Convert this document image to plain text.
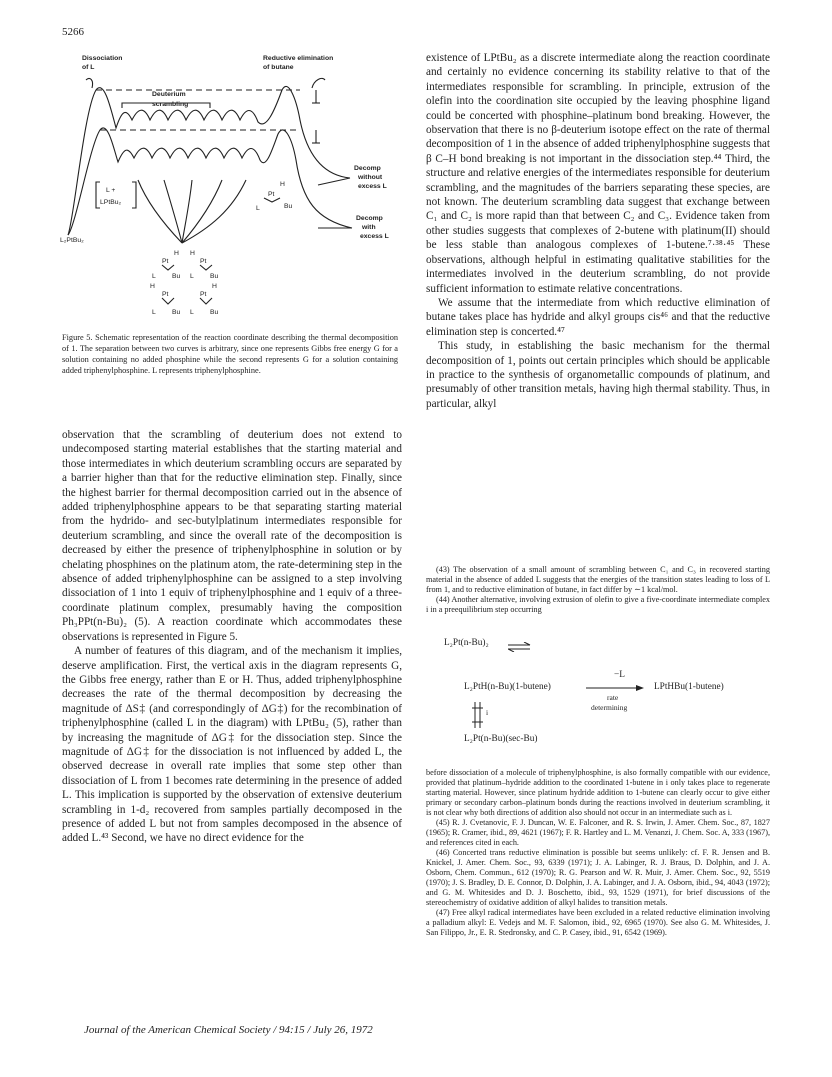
5266
Dissociation
of L
Reductive elimination
of butane
Deuterium
scrambling
Decomp
without
excess L
Decomp
with
excess L
L₂PtBu₂
L +
LPtBu₂
Pt
H
L Bu
Pt
H
L Bu
Pt
H
L Bu
Pt
H
L Bu
Pt
H
L	Bu
Figure 5. Schematic representation of the reaction coordinate describing the thermal decomposition of 1. The separation between two curves is arbitrary, since one represents Gibbs free energy G for a solution containing no added phosphine while the second represents G for a solution containing added triphenylphosphine. L represents triphenylphosphine.

observation that the scrambling of deuterium does not extend to undecomposed starting material establishes that the starting material and those intermediates in which deuterium scrambling occurs are separated by a barrier higher than that for the reductive elimination step. Finally, since the highest barrier for thermal decomposition carried out in the absence of added triphenylphosphine appears to be that separating starting material from the hydrido- and sec-butylplatinum intermediates responsible for deuterium scrambling, and since the overall rate of the decomposition is decreased by either the presence of triphenylphosphine in solution or by chelating phosphines on the platinum atom, the rate-determining step in the absence of added triphenylphosphine can be assigned to a step involving dissociation of 1 into 1 equiv of triphenylphosphine and 1 equiv of a three-coordinate platinum complex, presumably having the composition Ph₃PPt(n-Bu)₂ (5). A reaction coordinate which accommodates these observations is represented in Figure 5.

A number of features of this diagram, and of the mechanism it implies, deserve amplification. First, the vertical axis in the diagram represents G, the Gibbs free energy, rather than E or H. Thus, added triphenylphosphine decreases the rate of the thermal decomposition by decreasing the magnitude of ΔS‡ (and correspondingly of ΔG‡) for the recombination of triphenylphosphine (called L in the diagram) with LPtBu₂ (5), rather than by increasing the magnitude of ΔG‡ for the dissociation step. Since the magnitude of ΔG‡ for the dissociation is not influenced by added L, the observed decrease in overall rate implies that some step other than dissociation of L from 1 becomes rate determining in the presence of added L. This implication is supported by the observation of extensive deuterium scrambling in 1-d₂ recovered from samples partially decomposed in the presence of added L but not from samples decomposed in the absence of added L.⁴³ Second, we have no direct evidence for the

existence of LPtBu₂ as a discrete intermediate along the reaction coordinate and certainly no evidence concerning its stability relative to that of the intermediates responsible for scrambling. In principle, extrusion of the olefin into the coordination site occupied by the leaving phosphine ligand could be concerted with phosphine–platinum bond breaking. However, the observation that there is no β-deuterium isotope effect on the rate of thermal decomposition of 1 in the absence of added triphenylphosphine suggests that β C–H bond breaking is not important in the dissociation step.⁴⁴ Third, the structure and relative energies of the intermediates responsible for deuterium scrambling, and the magnitudes of the barriers separating these species, are not known. The deuterium scrambling data suggest that exchange between C₁ and C₂ is more rapid than that between C₂ and C₃. Evidence taken from other studies suggests that complexes of 2-butene with platinum(II) should be less stable than analogous complexes of 1-butene.⁷·³⁸·⁴⁵ These observations, although helpful in estimating qualitative stabilities for the intermediates involved in the deuterium scrambling, do not provide sufficient information to estimate relative concentrations.

We assume that the intermediate from which reductive elimination of butane takes place has hydride and alkyl groups cis⁴⁶ and that the reductive elimination step is concerted.⁴⁷

This study, in establishing the basic mechanism for the thermal decomposition of 1, points out certain principles which should be applicable in practice to the synthesis of organometallic compounds of platinum, and presumably of other transition metals, having high thermal stability. Thus, in particular, alkyl

(43) The observation of a small amount of scrambling between C₁ and C₃ in recovered starting material in the absence of added L suggests that the energies of the transition states leading to loss of L from 1, and to reductive elimination of butane, in fact differ by ∼1 kcal/mol.

(44) Another alternative, involving extrusion of olefin to give a five-coordinate intermediate complex i in a preequilibrium step occurring

L₂Pt(n-Bu)₂
L₂PtH(n-Bu)(1-butene)
−L
rate
determining
LPtHBu(1-butene)
i
L₂Pt(n-Bu)(sec-Bu)

before dissociation of a molecule of triphenylphosphine, is also formally compatible with our evidence, provided that platinum–hydride addition to the coordinated 1-butene in i only takes place to regenerate starting material. However, since platinum hydride addition to 1-butene can clearly occur to give either primary or secondary carbon–platinum bonds during the reactions involved in deuterium scrambling, it is not clear why both directions of addition also should not occur in an intermediate such as i.

(45) R. J. Cvetanovic, F. J. Duncan, W. E. Falconer, and R. S. Irwin, J. Amer. Chem. Soc., 87, 1827 (1965); R. Cramer, ibid., 89, 4621 (1967); F. R. Hartley and L. M. Venanzi, J. Chem. Soc. A, 333 (1967), and references cited in each.

(46) Concerted trans reductive elimination is possible but seems unlikely: cf. F. R. Jensen and B. Knickel, J. Amer. Chem. Soc., 93, 6339 (1971); J. A. Labinger, R. J. Braus, D. Dolphin, and J. A. Osborn, Chem. Commun., 612 (1970); R. G. Pearson and W. R. Muir, J. Amer. Chem. Soc., 92, 5519 (1970); J. S. Bradley, D. E. Connor, D. Dolphin, J. A. Labinger, and J. A. Osborn, ibid., 94, 4043 (1972); and G. M. Whitesides and D. J. Boschetto, ibid., 93, 1529 (1971), for brief discussions of the stereochemistry of oxidative addition of alkyl halides to transition metals.

(47) Free alkyl radical intermediates have been excluded in a related reductive elimination involving a palladium alkyl: E. Vedejs and M. F. Salomon, ibid., 92, 6965 (1970). See also G. M. Whitesides, J. San Filippo, Jr., E. R. Stedronsky, and C. P. Casey, ibid., 91, 6542 (1969).

Journal of the American Chemical Society / 94:15 / July 26, 1972
